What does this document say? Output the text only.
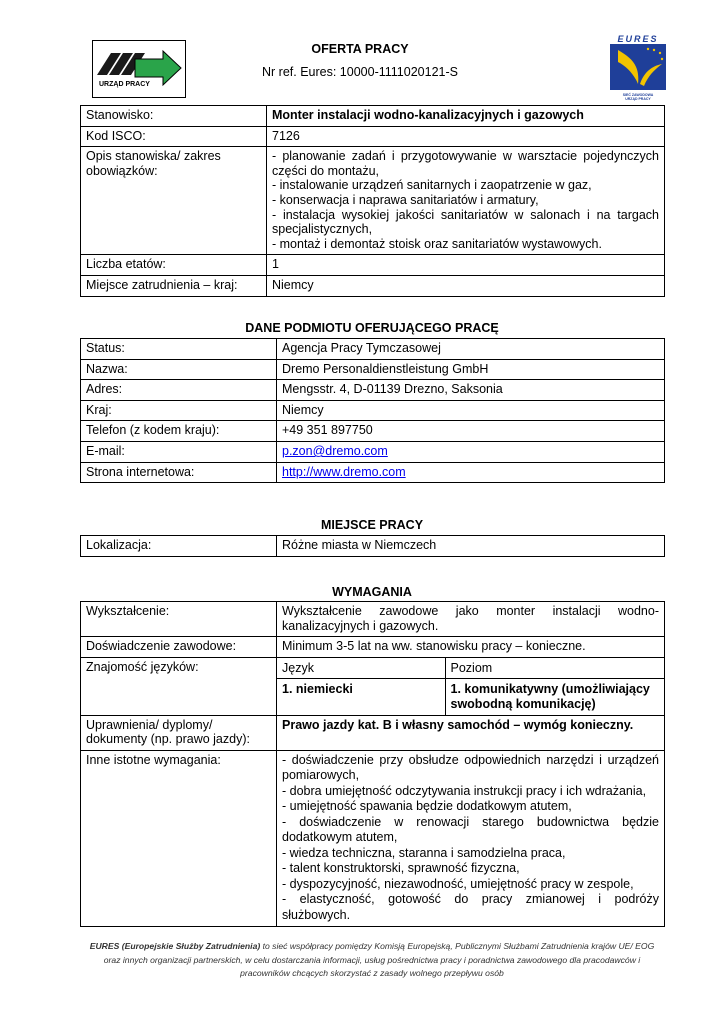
URZĄD PRACY
EURES
SIEĆ ZAWODOWA
URZĄD PRACY
OFERTA PRACY
Nr ref. Eures: 10000-1111020121-S
Stanowisko:	Monter instalacji wodno-kanalizacyjnych i gazowych
Kod ISCO:	7126
Opis stanowiska/ zakres obowiązków:	- planowanie zadań i przygotowywanie w warsztacie pojedynczych części do montażu,
- instalowanie urządzeń sanitarnych i zaopatrzenie w gaz,
- konserwacja i naprawa sanitariatów i armatury,
- instalacja wysokiej jakości sanitariatów w salonach i na targach specjalistycznych,
- montaż i demontaż stoisk oraz sanitariatów wystawowych.

Liczba etatów:	1
Miejsce zatrudnienia – kraj:	Niemcy
DANE PODMIOTU OFERUJĄCEGO PRACĘ
Status:	Agencja Pracy Tymczasowej
Nazwa:	Dremo Personaldienstleistung GmbH
Adres:	Mengsstr. 4, D-01139 Drezno, Saksonia
Kraj:	Niemcy
Telefon (z kodem kraju):	+49 351 897750
E-mail:	p.zon@dremo.com
Strona internetowa:	http://www.dremo.com
MIEJSCE PRACY
Lokalizacja:	Różne miasta w Niemczech
WYMAGANIA
Wykształcenie:	Wykształcenie zawodowe jako monter instalacji wodno-kanalizacyjnych i gazowych.
Doświadczenie zawodowe:	Minimum 3-5 lat na ww. stanowisku pracy – konieczne.
Znajomość języków:		Język	Poziom
1. niemiecki	1. komunikatywny (umożliwiający swobodną komunikację)

Uprawnienia/ dyplomy/ dokumenty (np. prawo jazdy):	Prawo jazdy kat. B i własny samochód – wymóg konieczny.
Inne istotne wymagania:	- doświadczenie przy obsłudze odpowiednich narzędzi i urządzeń pomiarowych,
- dobra umiejętność odczytywania instrukcji pracy i ich wdrażania,
- umiejętność spawania będzie dodatkowym atutem,
- doświadczenie w renowacji starego budownictwa będzie dodatkowym atutem,
- wiedza techniczna, staranna i samodzielna praca,
- talent konstruktorski, sprawność fizyczna,
- dyspozycyjność, niezawodność, umiejętność pracy w zespole,
- elastyczność, gotowość do pracy zmianowej i podróży służbowych.
EURES (Europejskie Służby Zatrudnienia) to sieć współpracy pomiędzy Komisją Europejską, Publicznymi Służbami Zatrudnienia krajów UE/ EOG
oraz innych organizacji partnerskich, w celu dostarczania informacji, usług pośrednictwa pracy i poradnictwa zawodowego dla pracodawców i
pracowników chcących skorzystać z zasady wolnego przepływu osób
